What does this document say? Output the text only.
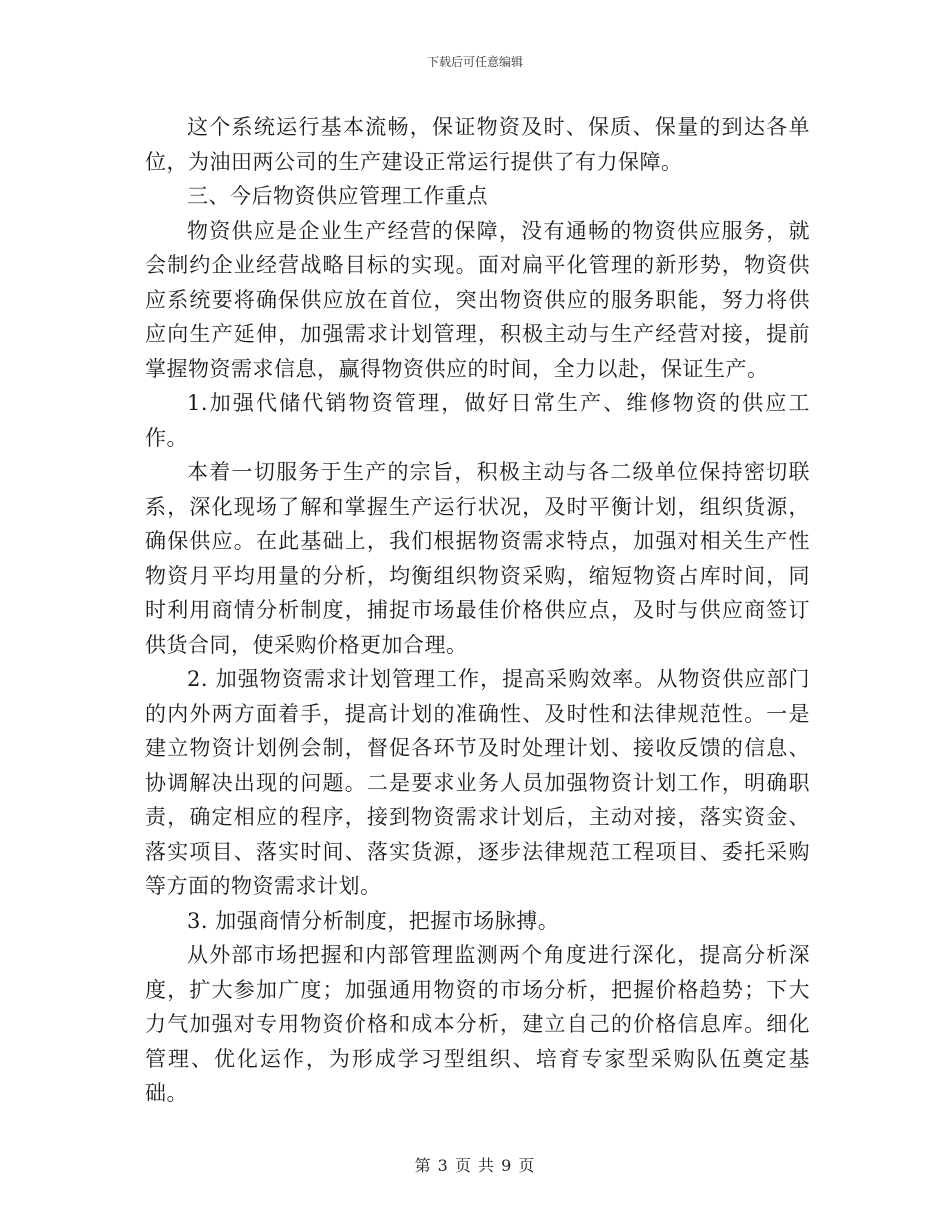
下载后可任意编辑

这个系统运行基本流畅，保证物资及时、保质、保量的到达各单位，为油田两公司的生产建设正常运行提供了有力保障。

三、今后物资供应管理工作重点

物资供应是企业生产经营的保障，没有通畅的物资供应服务，就会制约企业经营战略目标的实现。面对扁平化管理的新形势，物资供应系统要将确保供应放在首位，突出物资供应的服务职能，努力将供应向生产延伸，加强需求计划管理，积极主动与生产经营对接，提前掌握物资需求信息，赢得物资供应的时间，全力以赴，保证生产。

1.加强代储代销物资管理，做好日常生产、维修物资的供应工作。

本着一切服务于生产的宗旨，积极主动与各二级单位保持密切联系，深化现场了解和掌握生产运行状况，及时平衡计划，组织货源，确保供应。在此基础上，我们根据物资需求特点，加强对相关生产性物资月平均用量的分析，均衡组织物资采购，缩短物资占库时间，同时利用商情分析制度，捕捉市场最佳价格供应点，及时与供应商签订供货合同，使采购价格更加合理。

2. 加强物资需求计划管理工作，提高采购效率。从物资供应部门的内外两方面着手，提高计划的准确性、及时性和法律规范性。一是建立物资计划例会制，督促各环节及时处理计划、接收反馈的信息、协调解决出现的问题。二是要求业务人员加强物资计划工作，明确职责，确定相应的程序，接到物资需求计划后，主动对接，落实资金、落实项目、落实时间、落实货源，逐步法律规范工程项目、委托采购等方面的物资需求计划。

3. 加强商情分析制度，把握市场脉搏。

从外部市场把握和内部管理监测两个角度进行深化，提高分析深度，扩大参加广度；加强通用物资的市场分析，把握价格趋势；下大力气加强对专用物资价格和成本分析，建立自己的价格信息库。细化管理、优化运作，为形成学习型组织、培育专家型采购队伍奠定基础。

第 3 页 共 9 页
